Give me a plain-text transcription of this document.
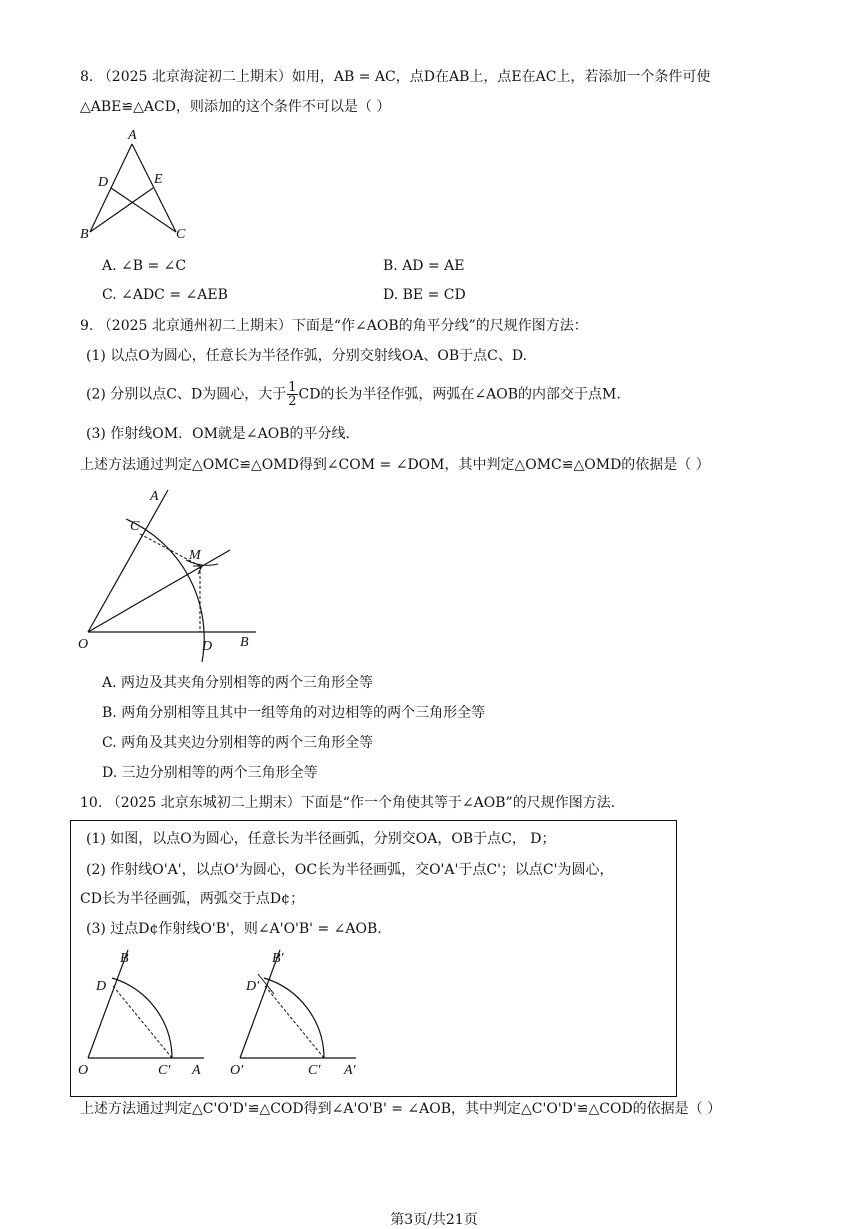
8. （2025 北京海淀初二上期末）如用，AB = AC，点D在AB上，点E在AC上，若添加一个条件可使
△ABE≌△ACD，则添加的这个条件不可以是（ ）
A
D	E
B	C
A. ∠B = ∠C	B. AD = AE
C. ∠ADC = ∠AEB	D. BE = CD
9. （2025 北京通州初二上期末）下面是“作∠AOB的角平分线”的尺规作图方法：
(1) 以点O为圆心，任意长为半径作弧，分别交射线OA、OB于点C、D.
(2) 分别以点C、D为圆心，大于 $\frac{1}{2}$ CD的长为半径作弧，两弧在∠AOB的内部交于点M.
(3) 作射线OM．OM就是∠AOB的平分线.
上述方法通过判定△OMC≌△OMD得到∠COM = ∠DOM，其中判定△OMC≌△OMD的依据是（ ）
A
C
M
O	D B
A. 两边及其夹角分别相等的两个三角形全等
B. 两角分别相等且其中一组等角的对边相等的两个三角形全等
C. 两角及其夹边分别相等的两个三角形全等
D. 三边分别相等的两个三角形全等
10. （2025 北京东城初二上期末）下面是“作一个角使其等于∠AOB”的尺规作图方法.
(1) 如图，以点O为圆心，任意长为半径画弧，分别交OA，OB于点C， D；
(2) 作射线O'A'，以点O'为圆心，OC长为半径画弧，交O'A'于点C'；以点C'为圆心，
CD长为半径画弧，两弧交于点D¢；
(3) 过点D¢作射线O'B'，则∠A'O'B' = ∠AOB.
B
D
O	C' A
B'
D'
O'	C' A'
上述方法通过判定△C'O'D'≌△COD得到∠A'O'B' = ∠AOB，其中判定△C'O'D'≌△COD的依据是（ ）
第3页/共21页
